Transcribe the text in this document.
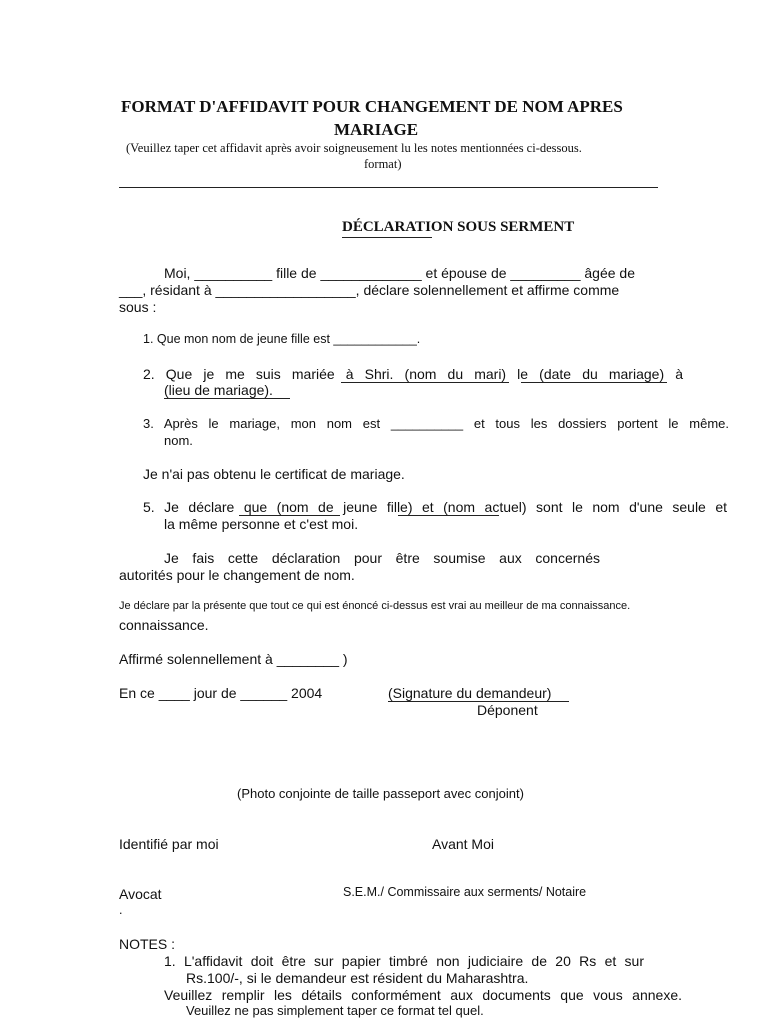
FORMAT D'AFFIDAVIT POUR CHANGEMENT DE NOM APRES
MARIAGE
(Veuillez taper cet affidavit après avoir soigneusement lu les notes mentionnées ci-dessous.
format)
DÉCLARATION SOUS SERMENT
Moi, __________ fille de _____________ et épouse de _________ âgée de
___, résidant à __________________, déclare solennellement et affirme comme
sous :
1. Que mon nom de jeune fille est ____________.
2. Que je me suis mariée à Shri. (nom du mari) le (date du mariage) à
(lieu de mariage).
3. Après le mariage, mon nom est __________ et tous les dossiers portent le même.
nom.
Je n'ai pas obtenu le certificat de mariage.
5. Je déclare que (nom de jeune fille) et (nom actuel) sont le nom d'une seule et
la même personne et c'est moi.
Je fais cette déclaration pour être soumise aux concernés
autorités pour le changement de nom.
Je déclare par la présente que tout ce qui est énoncé ci-dessus est vrai au meilleur de ma connaissance.
connaissance.
Affirmé solennellement à ________ )
En ce ____ jour de ______ 2004	(Signature du demandeur)
Déponent
(Photo conjointe de taille passeport avec conjoint)
Identifié par moi	Avant Moi
Avocat
.
S.E.M./ Commissaire aux serments/ Notaire
NOTES :
1. L'affidavit doit être sur papier timbré non judiciaire de 20 Rs et sur
Rs.100/-, si le demandeur est résident du Maharashtra.
Veuillez remplir les détails conformément aux documents que vous annexe.
Veuillez ne pas simplement taper ce format tel quel.
